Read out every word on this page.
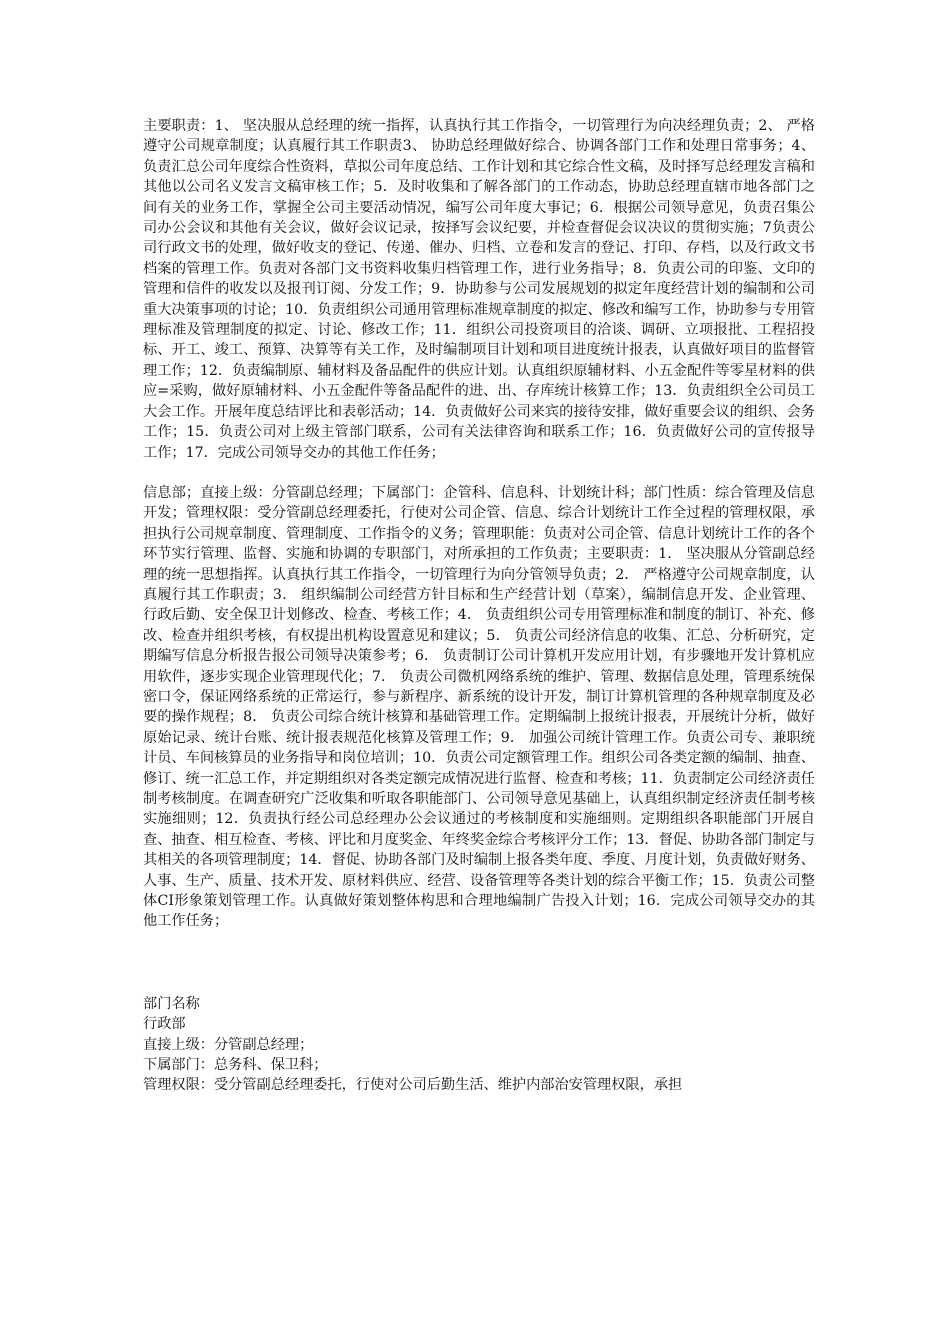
主要职责：1、 坚决服从总经理的统一指挥，认真执行其工作指令，一切管理行为向决经理负责；2、 严格遵守公司规章制度；认真履行其工作职责3、 协助总经理做好综合、协调各部门工作和处理日常事务；4、 负责汇总公司年度综合性资料，草拟公司年度总结、工作计划和其它综合性文稿，及时择写总经理发言稿和其他以公司名义发言文稿审核工作；5．及时收集和了解各部门的工作动态，协助总经理直辖市地各部门之间有关的业务工作，掌握全公司主要活动情况，编写公司年度大事记；6．根据公司领导意见，负责召集公司办公会议和其他有关会议，做好会议记录，按择写会议纪要，并检查督促会议决议的贯彻实施；7负责公司行政文书的处理，做好收支的登记、传递、催办、归档、立卷和发言的登记、打印、存档，以及行政文书档案的管理工作。负责对各部门文书资料收集归档管理工作，进行业务指导；8．负责公司的印鉴、文印的管理和信件的收发以及报刊订阅、分发工作；9．协助参与公司发展规划的拟定年度经营计划的编制和公司重大决策事项的讨论；10．负责组织公司通用管理标准规章制度的拟定、修改和编写工作，协助参与专用管理标准及管理制度的拟定、讨论、修改工作；11．组织公司投资项目的洽谈、调研、立项报批、工程招投标、开工、竣工、预算、决算等有关工作，及时编制项目计划和项目进度统计报表，认真做好项目的监督管理工作；12．负责编制原、辅材料及备品配件的供应计划。认真组织原辅材料、小五金配件等零星材料的供应=采购，做好原辅材料、小五金配件等备品配件的进、出、存库统计核算工作；13．负责组织全公司员工大会工作。开展年度总结评比和表彰活动；14．负责做好公司来宾的接待安排，做好重要会议的组织、会务工作；15．负责公司对上级主管部门联系，公司有关法律咨询和联系工作；16．负责做好公司的宣传报导工作；17．完成公司领导交办的其他工作任务；

信息部；直接上级：分管副总经理；下属部门：企管科、信息科、计划统计科；部门性质：综合管理及信息开发；管理权限：受分管副总经理委托，行使对公司企管、信息、综合计划统计工作全过程的管理权限，承担执行公司规章制度、管理制度、工作指令的义务；管理职能：负责对公司企管、信息计划统计工作的各个环节实行管理、监督、实施和协调的专职部门，对所承担的工作负责；主要职责：1． 坚决服从分管副总经理的统一思想指挥。认真执行其工作指令，一切管理行为向分管领导负责；2． 严格遵守公司规章制度，认真履行其工作职责；3． 组织编制公司经营方针目标和生产经营计划（草案），编制信息开发、企业管理、行政后勤、安全保卫计划修改、检查、考核工作；4． 负责组织公司专用管理标准和制度的制订、补充、修改、检查并组织考核，有权提出机构设置意见和建议；5． 负责公司经济信息的收集、汇总、分析研究，定期编写信息分析报告报公司领导决策参考；6． 负责制订公司计算机开发应用计划，有步骤地开发计算机应用软件，逐步实现企业管理现代化；7． 负责公司微机网络系统的维护、管理、数据信息处理，管理系统保密口令，保证网络系统的正常运行，参与新程序、新系统的设计开发，制订计算机管理的各种规章制度及必要的操作规程；8． 负责公司综合统计核算和基础管理工作。定期编制上报统计报表，开展统计分析，做好原始记录、统计台账、统计报表规范化核算及管理工作；9． 加强公司统计管理工作。负责公司专、兼职统计员、车间核算员的业务指导和岗位培训；10．负责公司定额管理工作。组织公司各类定额的编制、抽查、修订、统一汇总工作，并定期组织对各类定额完成情况进行监督、检查和考核；11．负责制定公司经济责任制考核制度。在调查研究广泛收集和听取各职能部门、公司领导意见基础上，认真组织制定经济责任制考核实施细则；12．负责执行经公司总经理办公会议通过的考核制度和实施细则。定期组织各职能部门开展自查、抽查、相互检查、考核、评比和月度奖金、年终奖金综合考核评分工作；13．督促、协助各部门制定与其相关的各项管理制度；14．督促、协助各部门及时编制上报各类年度、季度、月度计划，负责做好财务、人事、生产、质量、技术开发、原材料供应、经营、设备管理等各类计划的综合平衡工作；15．负责公司整体CI形象策划管理工作。认真做好策划整体构思和合理地编制广告投入计划；16．完成公司领导交办的其他工作任务；

部门名称

行政部

直接上级：分管副总经理；

下属部门：总务科、保卫科；

管理权限：受分管副总经理委托，行使对公司后勤生活、维护内部治安管理权限，承担
